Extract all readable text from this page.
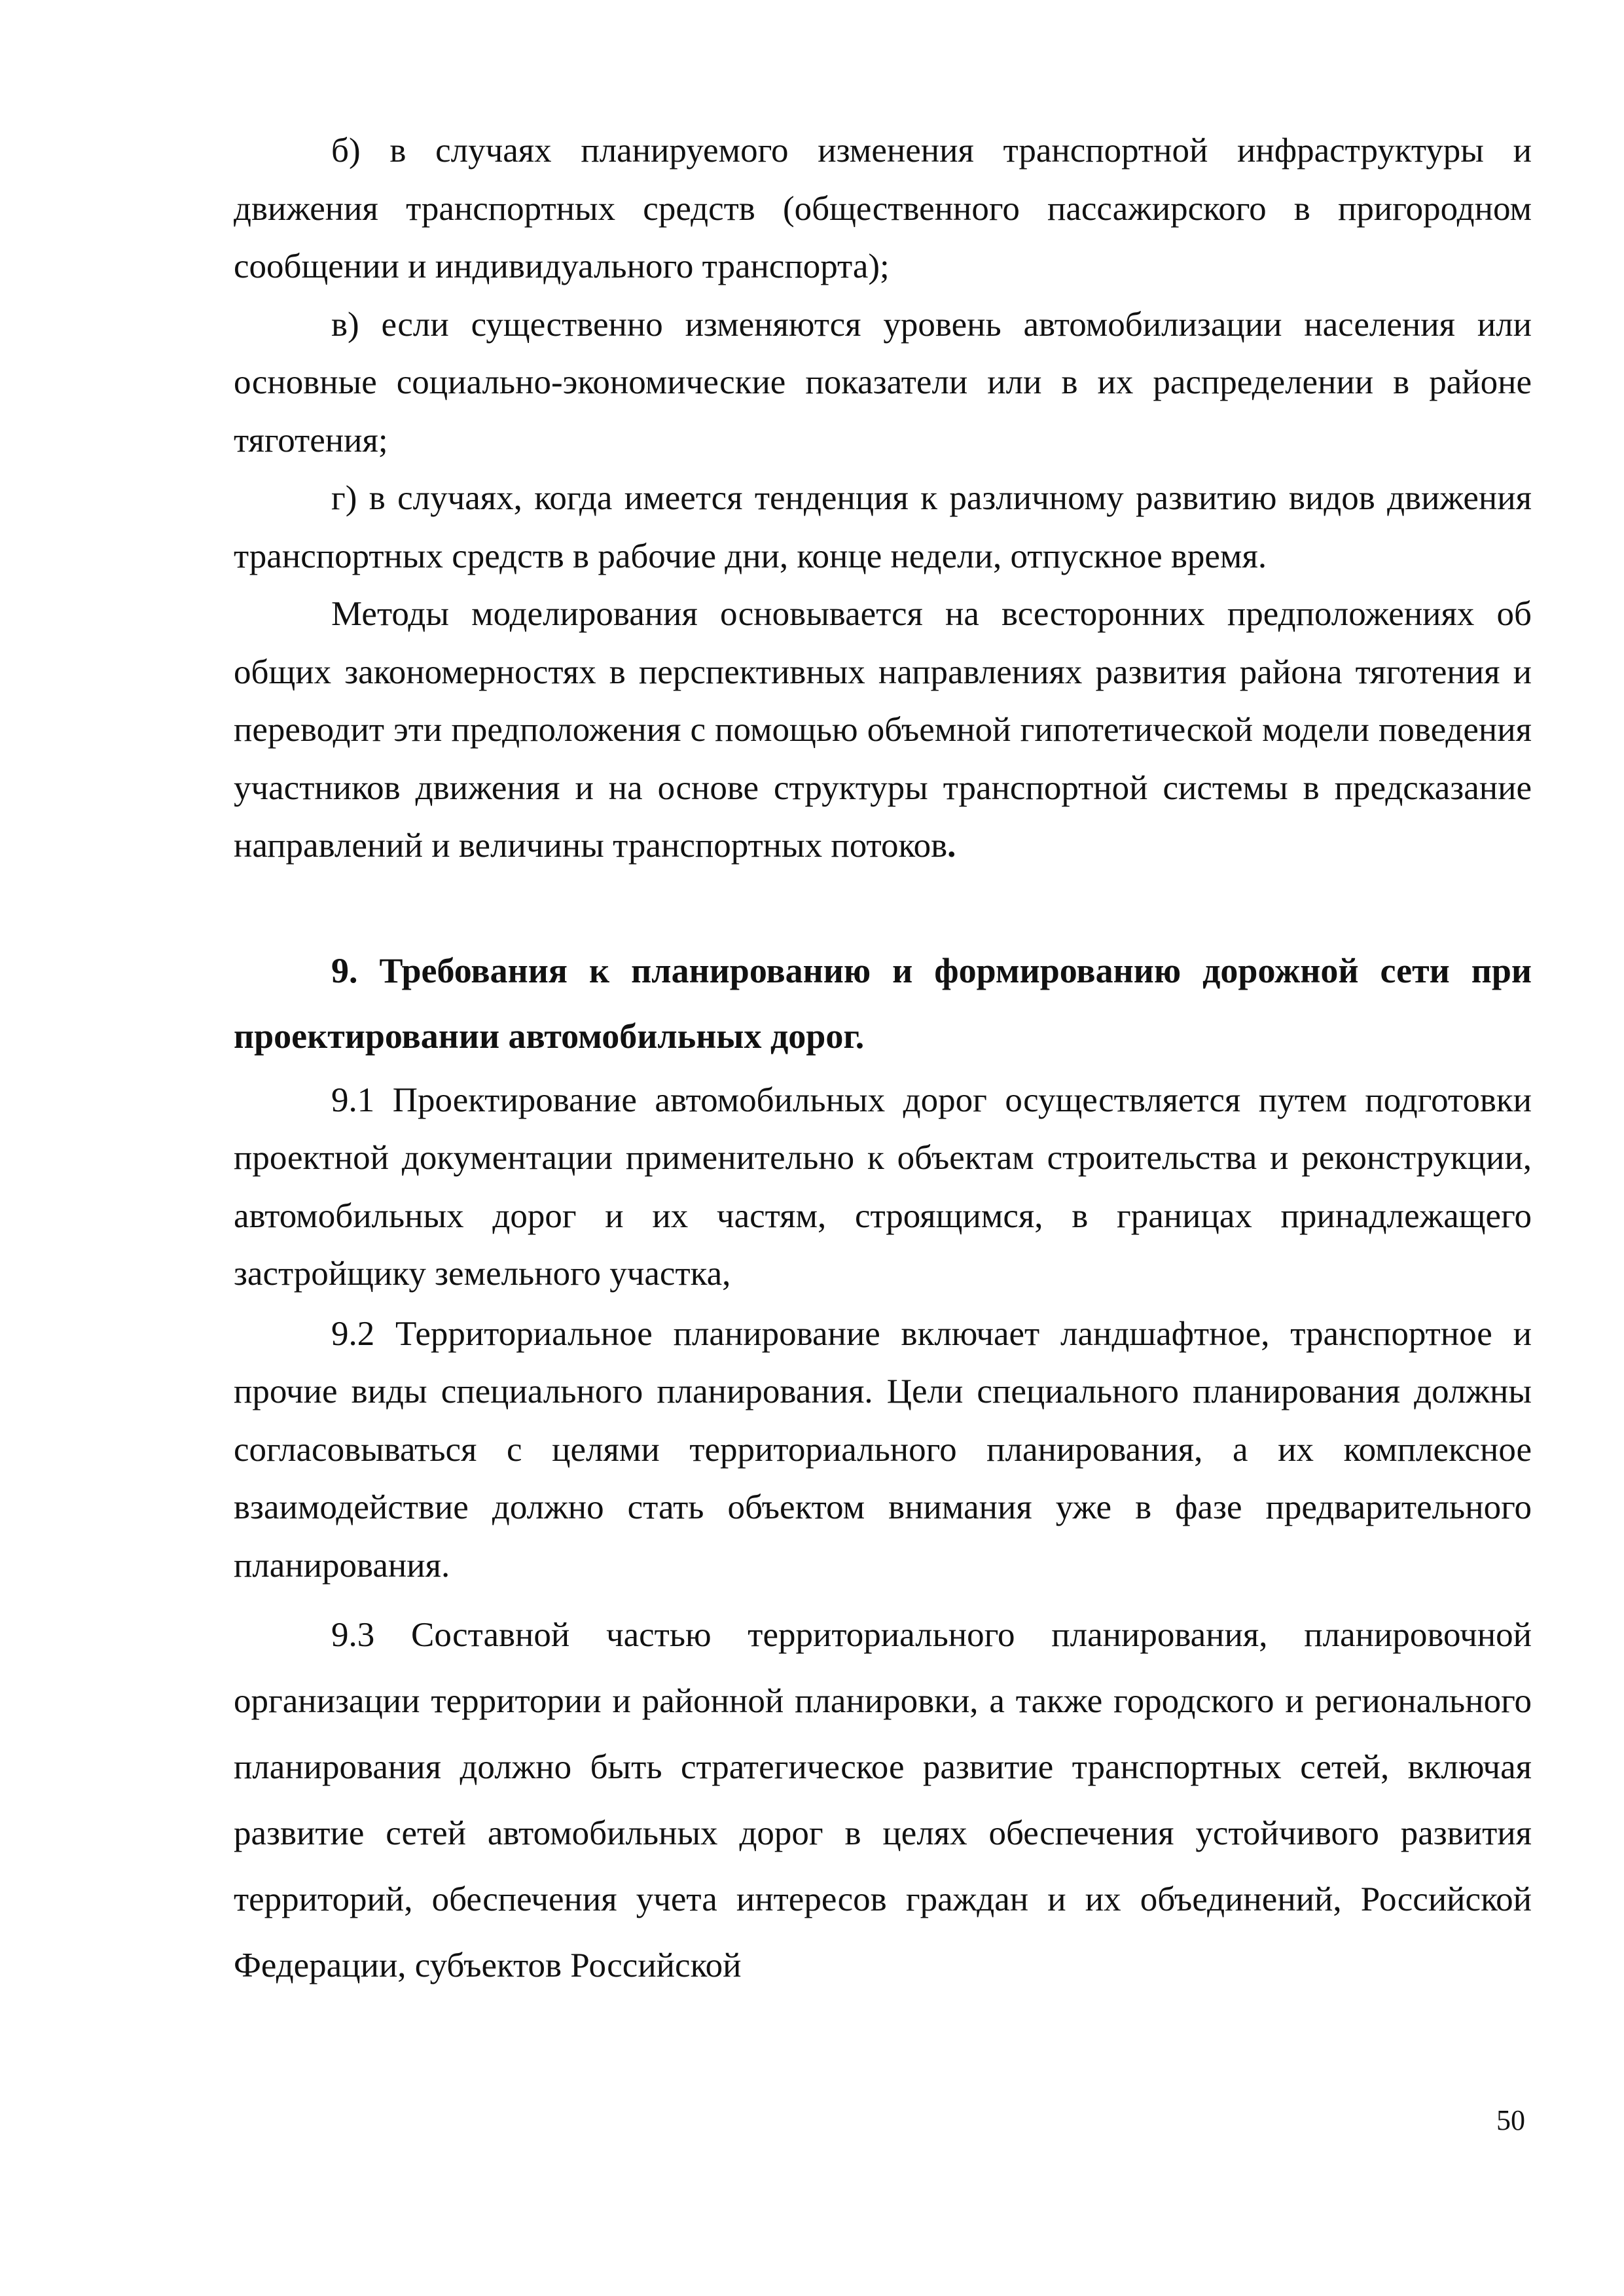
б) в случаях планируемого изменения транспортной инфраструктуры и движения транспортных средств (общественного пассажирского в пригородном сообщении и индивидуального транспорта);

в) если существенно изменяются уровень автомобилизации населения или основные социально-экономические показатели или в их распределении в районе тяготения;

г) в случаях, когда имеется тенденция к различному развитию видов движения транспортных средств в рабочие дни, конце недели, отпускное время.

Методы моделирования основывается на всесторонних предположениях об общих закономерностях в перспективных направлениях развития района тяготения и переводит эти предположения с помощью объемной гипотетической модели поведения участников движения и на основе структуры транспортной системы в предсказание направлений и величины транспортных потоков.

9. Требования к планированию и формированию дорожной сети при проектировании автомобильных дорог.

9.1 Проектирование автомобильных дорог осуществляется путем подготовки проектной документации применительно к объектам строительства и реконструкции, автомобильных дорог и их частям, строящимся, в границах принадлежащего застройщику земельного участка,

9.2 Территориальное планирование включает ландшафтное, транспортное и прочие виды специального планирования. Цели специального планирования должны согласовываться с целями территориального планирования, а их комплексное взаимодействие должно стать объектом внимания уже в фазе предварительного планирования.

9.3 Составной частью территориального планирования, планировочной организации территории и районной планировки, а также городского и регионального планирования должно быть стратегическое развитие транспортных сетей, включая развитие сетей автомобильных дорог в целях обеспечения устойчивого развития территорий, обеспечения учета интересов граждан и их объединений, Российской Федерации, субъектов Российской

50
